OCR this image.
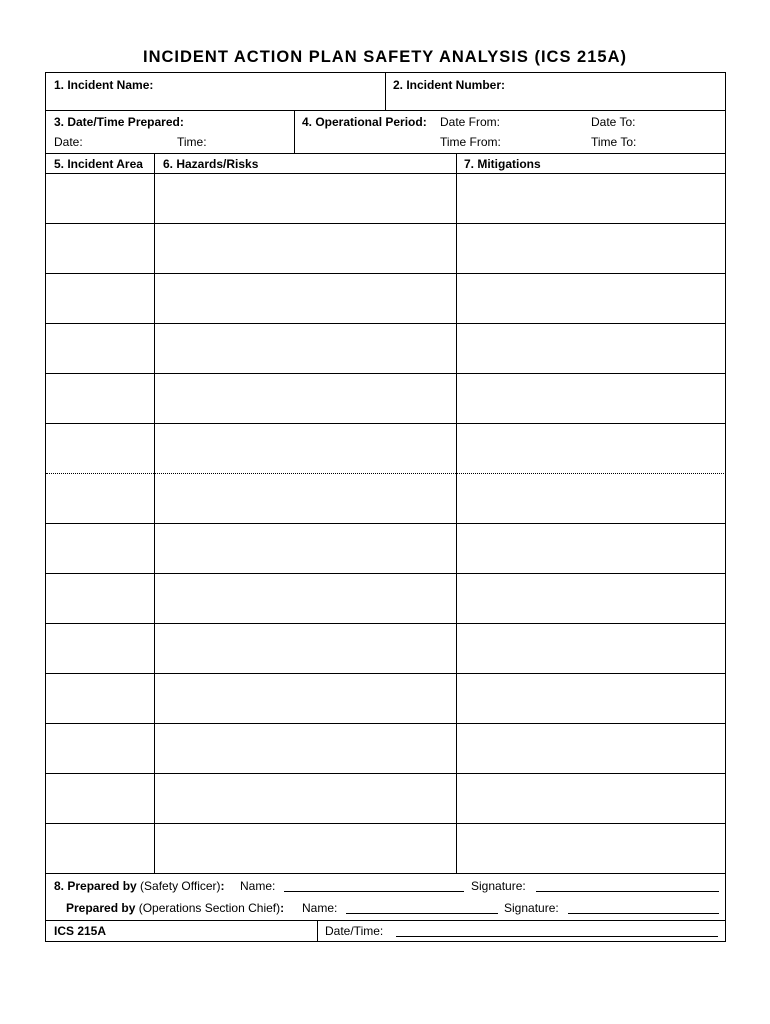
INCIDENT ACTION PLAN SAFETY ANALYSIS (ICS 215A)
1. Incident Name:	2. Incident Number:
3. Date/Time Prepared:
Date:	Time:
4. Operational Period: Date From:	Date To:
Time From:	Time To:
5. Incident Area 6. Hazards/Risks	7. Mitigations
8. Prepared by (Safety Officer): Name:	Signature:
Prepared by (Operations Section Chief): Name:	Signature:
ICS 215A	Date/Time:
